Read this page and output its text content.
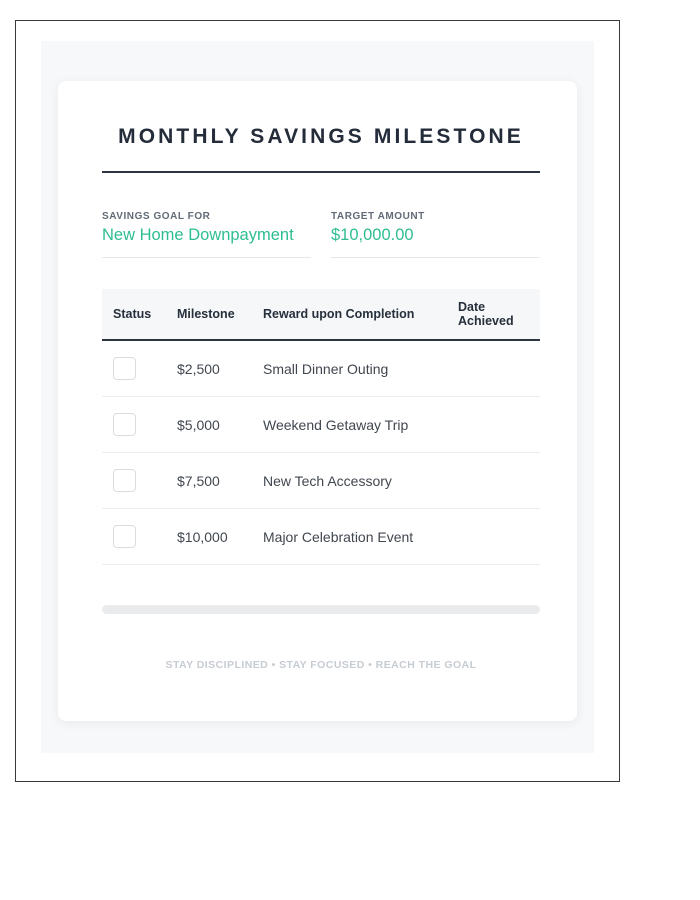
MONTHLY SAVINGS MILESTONE
SAVINGS GOAL FOR
New Home Downpayment
TARGET AMOUNT
$10,000.00
Status	Milestone	Reward upon Completion	Date Achieved

	$2,500	Small Dinner Outing	

	$5,000	Weekend Getaway Trip	

	$7,500	New Tech Accessory	

	$10,000	Major Celebration Event	
STAY DISCIPLINED • STAY FOCUSED • REACH THE GOAL
